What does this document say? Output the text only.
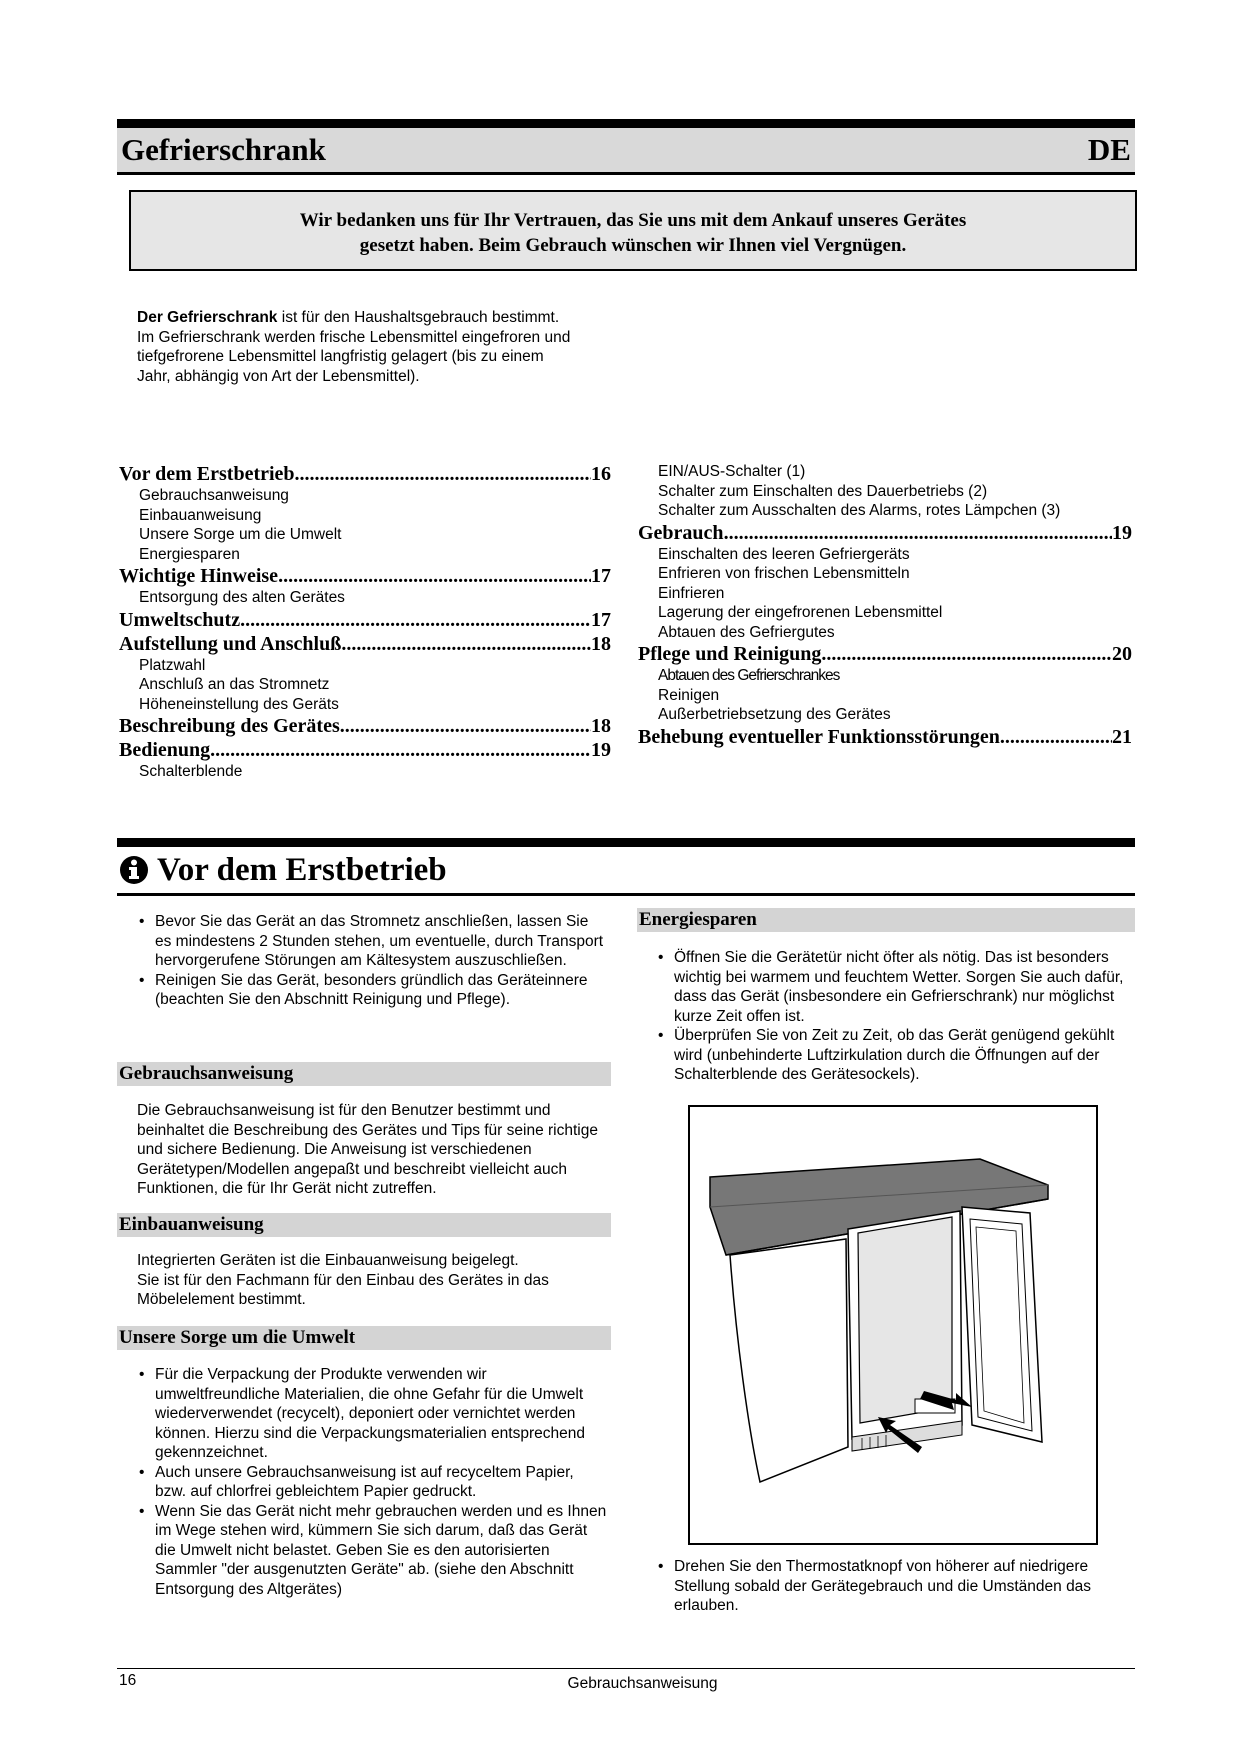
Gefrierschrank	DE
Wir bedanken uns für Ihr Vertrauen, das Sie uns mit dem Ankauf unseres Gerätes
gesetzt haben. Beim Gebrauch wünschen wir Ihnen viel Vergnügen.
Der Gefrierschrank ist für den Haushaltsgebrauch bestimmt.
Im Gefrierschrank werden frische Lebensmittel eingefroren und
tiefgefrorene Lebensmittel langfristig gelagert (bis zu einem
Jahr, abhängig von Art der Lebensmittel).
Vor dem Erstbetrieb .....	16
Gebrauchsanweisung
Einbauanweisung
Unsere Sorge um die Umwelt
Energiesparen
Wichtige Hinweise .....	17
Entsorgung des alten Gerätes
Umweltschutz .....	17
Aufstellung und Anschluß .....	18
Platzwahl
Anschluß an das Stromnetz
Höheneinstellung des Geräts
Beschreibung des Gerätes .....	18
Bedienung .....	19
Schalterblende
EIN/AUS-Schalter (1)
Schalter zum Einschalten des Dauerbetriebs (2)
Schalter zum Ausschalten des Alarms, rotes Lämpchen (3)
Gebrauch .....	19
Einschalten des leeren Gefriergeräts
Enfrieren von frischen Lebensmitteln
Einfrieren
Lagerung der eingefrorenen Lebensmittel
Abtauen des Gefriergutes
Pflege und Reinigung .....	20
Abtauen des Gefrierschrankes
Reinigen
Außerbetriebsetzung des Gerätes
Behebung eventueller Funktionsstörungen .....	21
Vor dem Erstbetrieb
• Bevor Sie das Gerät an das Stromnetz anschließen, lassen Sie es mindestens 2 Stunden stehen, um eventuelle, durch Transport hervorgerufene Störungen am Kältesystem auszuschließen.
• Reinigen Sie das Gerät, besonders gründlich das Geräteinnere (beachten Sie den Abschnitt Reinigung und Pflege).
Gebrauchsanweisung
Die Gebrauchsanweisung ist für den Benutzer bestimmt und beinhaltet die Beschreibung des Gerätes und Tips für seine richtige und sichere Bedienung. Die Anweisung ist verschiedenen Gerätetypen/Modellen angepaßt und beschreibt vielleicht auch Funktionen, die für Ihr Gerät nicht zutreffen.
Einbauanweisung
Integrierten Geräten ist die Einbauanweisung beigelegt.
Sie ist für den Fachmann für den Einbau des Gerätes in das Möbelelement bestimmt.
Unsere Sorge um die Umwelt
• Für die Verpackung der Produkte verwenden wir umweltfreundliche Materialien, die ohne Gefahr für die Umwelt wiederverwendet (recycelt), deponiert oder vernichtet werden können. Hierzu sind die Verpackungsmaterialien entsprechend gekennzeichnet.
• Auch unsere Gebrauchsanweisung ist auf recyceltem Papier, bzw. auf chlorfrei gebleichtem Papier gedruckt.
• Wenn Sie das Gerät nicht mehr gebrauchen werden und es Ihnen im Wege stehen wird, kümmern Sie sich darum, daß das Gerät die Umwelt nicht belastet. Geben Sie es den autorisierten Sammler "der ausgenutzten Geräte" ab. (siehe den Abschnitt Entsorgung des Altgerätes)
Energiesparen
• Öffnen Sie die Gerätetür nicht öfter als nötig. Das ist besonders wichtig bei warmem und feuchtem Wetter. Sorgen Sie auch dafür, dass das Gerät (insbesondere ein Gefrierschrank) nur möglichst kurze Zeit offen ist.
• Überprüfen Sie von Zeit zu Zeit, ob das Gerät genügend gekühlt wird (unbehinderte Luftzirkulation durch die Öffnungen auf der Schalterblende des Gerätesockels).
• Drehen Sie den Thermostatknopf von höherer auf niedrigere Stellung sobald der Gerätegebrauch und die Umständen das erlauben.
16	Gebrauchsanweisung
